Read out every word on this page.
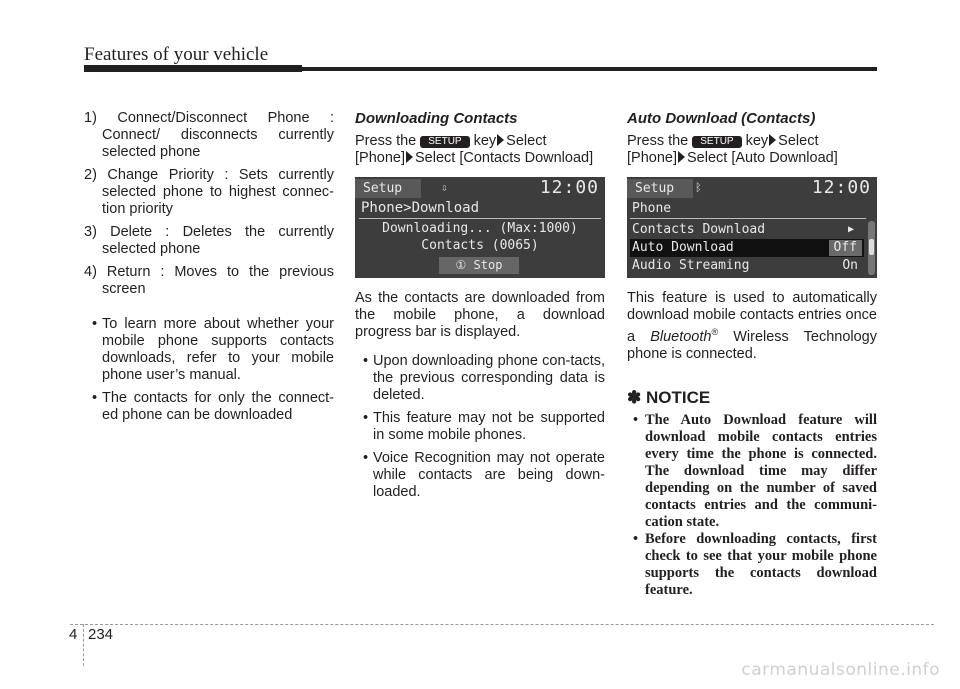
Features of your vehicle

1) Connect/Disconnect Phone : Connect/ disconnects currently selected phone

2) Change Priority : Sets currently selected phone to highest connec-tion priority

3) Delete : Deletes the currently selected phone

4) Return : Moves to the previous screen

• To learn more about whether your mobile phone supports contacts downloads, refer to your mobile phone user’s manual.
• The contacts for only the connect-ed phone can be downloaded
Downloading Contacts

Press the SETUP key Select
[Phone] Select [Contacts Download]

Setup	⇩	12:00
Phone>Download
Downloading... (Max:1000)
Contacts (0065)
① Stop

As the contacts are downloaded from the mobile phone, a download progress bar is displayed.

• Upon downloading phone con-tacts, the previous corresponding data is deleted.
• This feature may not be supported in some mobile phones.
• Voice Recognition may not operate while contacts are being down-loaded.
Auto Download (Contacts)

Press the SETUP key Select
[Phone] Select [Auto Download]

Setup	ᛒ	12:00
Phone
Contacts Download	▶
Auto Download	Off
Audio Streaming	On

This feature is used to automatically download mobile contacts entries once a Bluetooth® Wireless Technology phone is connected.

✽ NOTICE
• The Auto Download feature will download mobile contacts entries every time the phone is connected. The download time may differ depending on the number of saved contacts entries and the communi-cation state.
• Before downloading contacts, first check to see that your mobile phone supports the contacts download feature.
4 234
carmanualsonline.info
